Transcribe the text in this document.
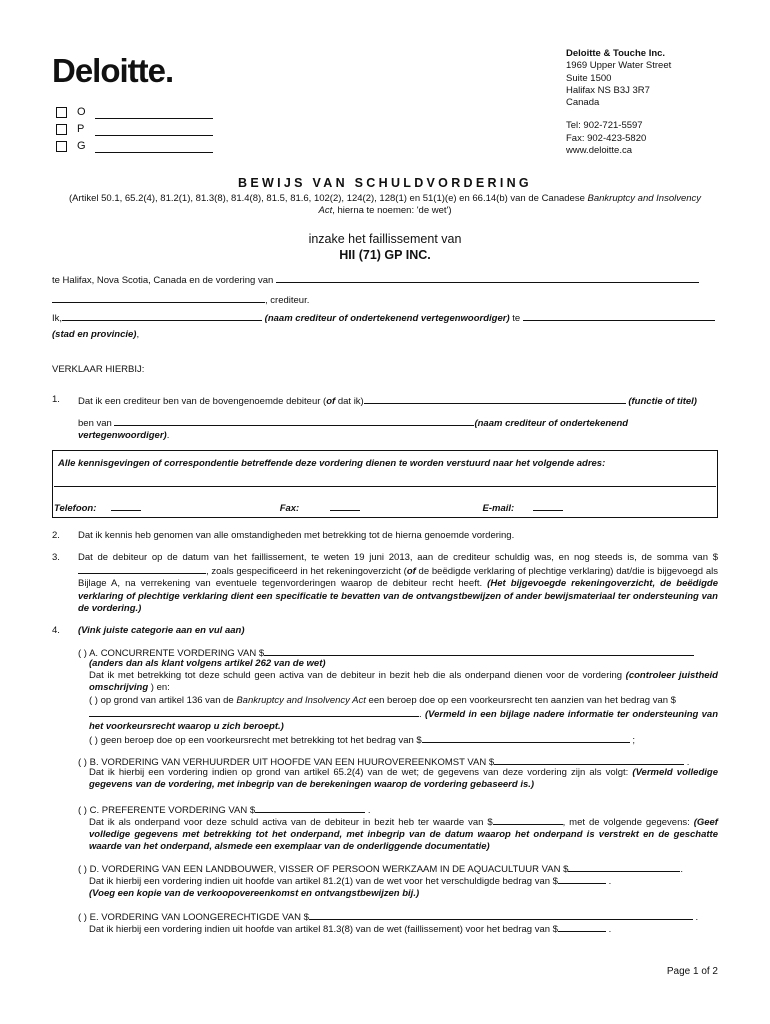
Deloitte.	Deloitte & Touche Inc.
1969 Upper Water Street
Suite 1500
Halifax NS B3J 3R7
Canada
Tel: 902-721-5597
Fax: 902-423-5820
www.deloitte.ca
O
P
G
BEWIJS VAN SCHULDVORDERING
(Artikel 50.1, 65.2(4), 81.2(1), 81.3(8), 81.4(8), 81.5, 81.6, 102(2), 124(2), 128(1) en 51(1)(e) en 66.14(b) van de Canadese Bankruptcy and Insolvency Act, hierna te noemen: 'de wet')
inzake het faillissement van
HII (71) GP INC.
te Halifax, Nova Scotia, Canada en de vordering van
, crediteur.
Ik,	(naam crediteur of ondertekenend vertegenwoordiger) te
(stad en provincie),
VERKLAAR HIERBIJ:
1. Dat ik een crediteur ben van de bovengenoemde debiteur (of dat ik)	(functie of titel)
ben van	(naam crediteur of ondertekenend vertegenwoordiger).
Alle kennisgevingen of correspondentie betreffende deze vordering dienen te worden verstuurd naar het volgende adres:
Telefoon:	Fax:	E-mail:
2. Dat ik kennis heb genomen van alle omstandigheden met betrekking tot de hierna genoemde vordering.
3. Dat de debiteur op de datum van het faillissement, te weten 19 juni 2013, aan de crediteur schuldig was, en nog steeds is, de somma van $, zoals gespecificeerd in het rekeningoverzicht (of de beëdigde verklaring of plechtige verklaring) dat/die is bijgevoegd als Bijlage A, na verrekening van eventuele tegenvorderingen waarop de debiteur recht heeft. (Het bijgevoegde rekeningoverzicht, de beëdigde verklaring of plechtige verklaring dient een specificatie te bevatten van de ontvangstbewijzen of ander bewijsmateriaal ter ondersteuning van de vordering.)
4. (Vink juiste categorie aan en vul aan)
( ) A. CONCURRENTE VORDERING VAN $
(anders dan als klant volgens artikel 262 van de wet)
Dat ik met betrekking tot deze schuld geen activa van de debiteur in bezit heb die als onderpand dienen voor de vordering (controleer juistheid omschrijving ) en:
( ) op grond van artikel 136 van de Bankruptcy and Insolvency Act een beroep doe op een voorkeursrecht ten aanzien van het bedrag van $
. (Vermeld in een bijlage nadere informatie ter ondersteuning van het voorkeursrecht waarop u zich beroept.)
( ) geen beroep doe op een voorkeursrecht met betrekking tot het bedrag van $	;
( ) B. VORDERING VAN VERHUURDER UIT HOOFDE VAN EEN HUUROVEREENKOMST VAN $	.
Dat ik hierbij een vordering indien op grond van artikel 65.2(4) van de wet; de gegevens van deze vordering zijn als volgt: (Vermeld volledige gegevens van de vordering, met inbegrip van de berekeningen waarop de vordering gebaseerd is.)
( ) C. PREFERENTE VORDERING VAN $	.
Dat ik als onderpand voor deze schuld activa van de debiteur in bezit heb ter waarde van $	, met de volgende gegevens: (Geef volledige gegevens met betrekking tot het onderpand, met inbegrip van de datum waarop het onderpand is verstrekt en de geschatte waarde van het onderpand, alsmede een exemplaar van de onderliggende documentatie)
( ) D. VORDERING VAN EEN LANDBOUWER, VISSER OF PERSOON WERKZAAM IN DE AQUACULTUUR VAN $	.
Dat ik hierbij een vordering indien uit hoofde van artikel 81.2(1) van de wet voor het verschuldigde bedrag van $	.
(Voeg een kopie van de verkoopovereenkomst en ontvangstbewijzen bij.)
( ) E. VORDERING VAN LOONGERECHTIGDE VAN $	.
Dat ik hierbij een vordering indien uit hoofde van artikel 81.3(8) van de wet (faillissement) voor het bedrag van $	.
Page 1 of 2
